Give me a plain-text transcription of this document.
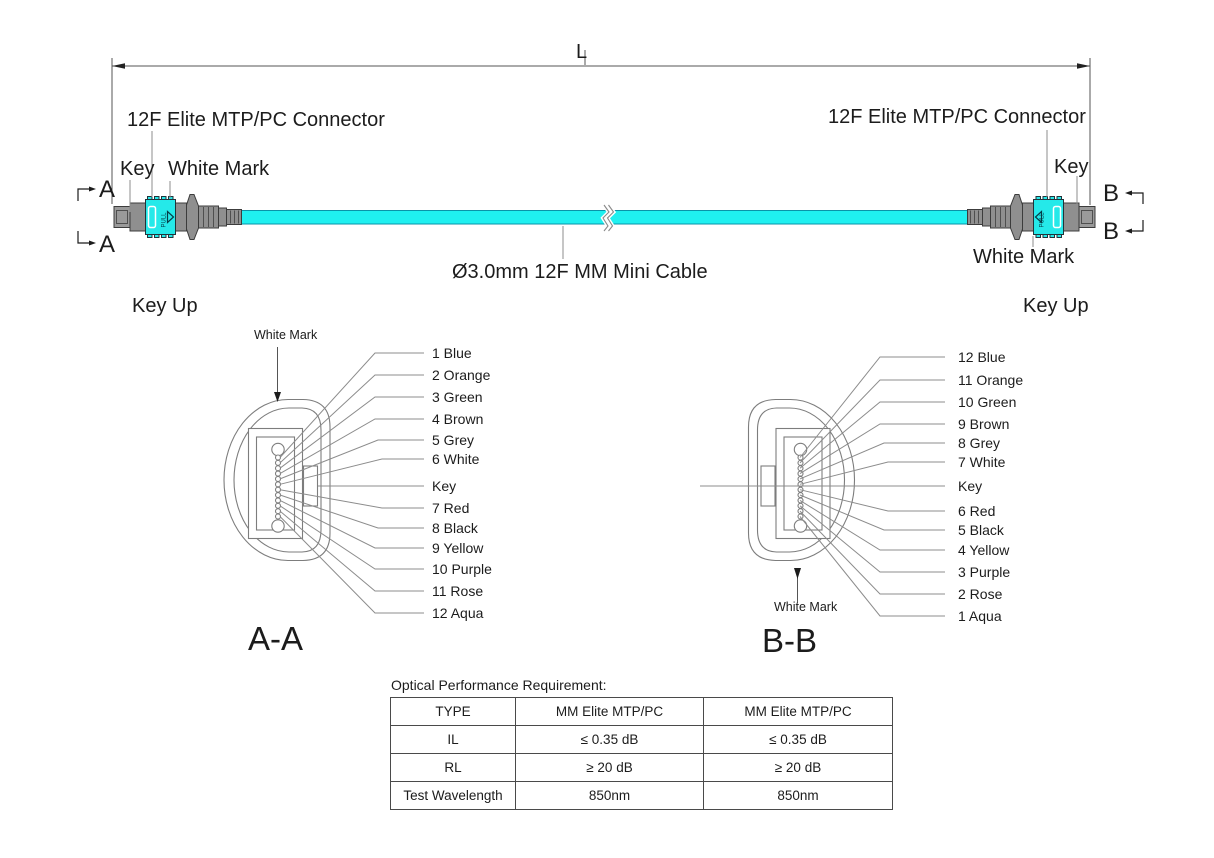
PULL	PULL
L
12F Elite MTP/PC Connector	12F Elite MTP/PC Connector
Key White Mark	Key
White Mark
A
A
B
B
Key Up	Key Up
Ø3.0mm 12F MM Mini Cable
White Mark
White Mark
1 Blue
2 Orange
3 Green
4 Brown
5 Grey
6 White
Key
7 Red
8 Black
9 Yellow
10 Purple
11 Rose
12 Aqua
12 Blue
11 Orange
10 Green
9 Brown
8 Grey
7 White
Key
6 Red
5 Black
4 Yellow
3 Purple
2 Rose
1 Aqua
A-A	B-B
Optical Performance Requirement:
TYPE	MM Elite MTP/PC	MM Elite MTP/PC
IL	≤ 0.35 dB	≤ 0.35 dB
RL	≥ 20 dB	≥ 20 dB
Test Wavelength	850nm	850nm
